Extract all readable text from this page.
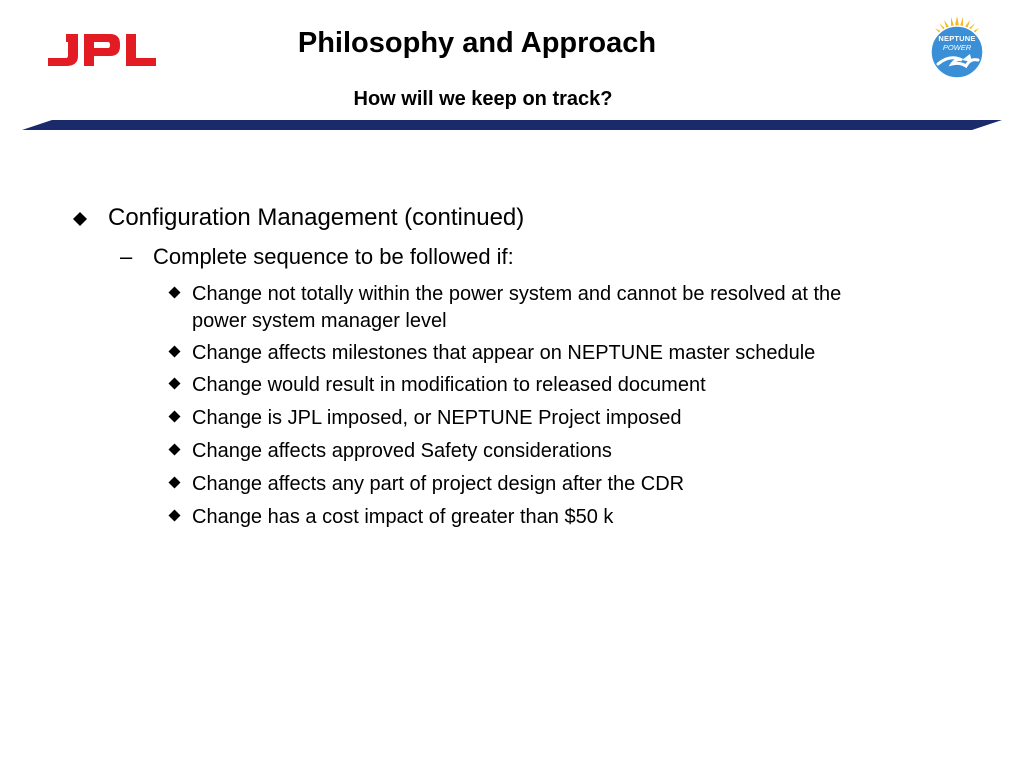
Philosophy and Approach
How will we keep on track?
NEPTUNE
POWER
Configuration Management (continued)
– Complete sequence to be followed if:
Change not totally within the power system and cannot be resolved at the
power system manager level
Change affects milestones that appear on NEPTUNE master schedule
Change would result in modification to released document
Change is JPL imposed, or NEPTUNE Project imposed
Change affects approved Safety considerations
Change affects any part of project design after the CDR
Change has a cost impact of greater than $50 k
